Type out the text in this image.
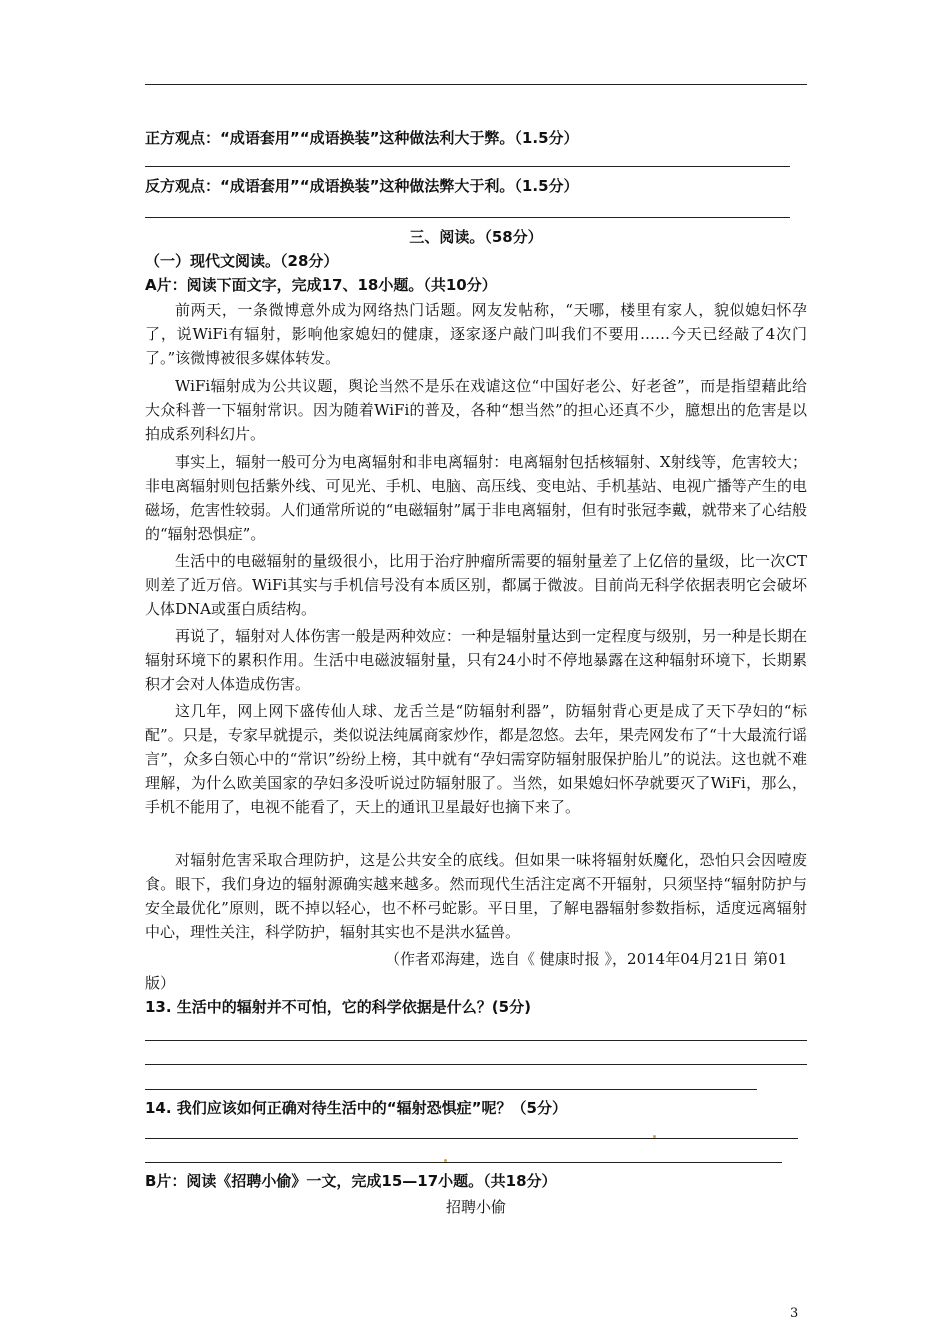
正方观点：“成语套用”“成语换装”这种做法利大于弊。（1.5分）
反方观点：“成语套用”“成语换装”这种做法弊大于利。（1.5分）
三、阅读。（58分）
（一）现代文阅读。（28分）
A片：阅读下面文字，完成17、18小题。（共10分）
前两天，一条微博意外成为网络热门话题。网友发帖称，“天哪，楼里有家人，貌似媳妇怀孕了，说WiFi有辐射，影响他家媳妇的健康，逐家逐户敲门叫我们不要用……今天已经敲了4次门了。”该微博被很多媒体转发。
WiFi辐射成为公共议题，舆论当然不是乐在戏谑这位“中国好老公、好老爸”，而是指望藉此给大众科普一下辐射常识。因为随着WiFi的普及，各种“想当然”的担心还真不少，臆想出的危害是以拍成系列科幻片。
事实上，辐射一般可分为电离辐射和非电离辐射：电离辐射包括核辐射、X射线等，危害较大；非电离辐射则包括紫外线、可见光、手机、电脑、高压线、变电站、手机基站、电视广播等产生的电磁场，危害性较弱。人们通常所说的“电磁辐射”属于非电离辐射，但有时张冠李戴，就带来了心结般的“辐射恐惧症”。
生活中的电磁辐射的量级很小，比用于治疗肿瘤所需要的辐射量差了上亿倍的量级，比一次CT则差了近万倍。WiFi其实与手机信号没有本质区别，都属于微波。目前尚无科学依据表明它会破坏人体DNA或蛋白质结构。
再说了，辐射对人体伤害一般是两种效应：一种是辐射量达到一定程度与级别，另一种是长期在辐射环境下的累积作用。生活中电磁波辐射量，只有24小时不停地暴露在这种辐射环境下，长期累积才会对人体造成伤害。
这几年，网上网下盛传仙人球、龙舌兰是“防辐射利器”，防辐射背心更是成了天下孕妇的“标配”。只是，专家早就提示，类似说法纯属商家炒作，都是忽悠。去年，果壳网发布了“十大最流行谣言”，众多白领心中的“常识”纷纷上榜，其中就有“孕妇需穿防辐射服保护胎儿”的说法。这也就不难理解，为什么欧美国家的孕妇多没听说过防辐射服了。当然，如果媳妇怀孕就要灭了WiFi，那么，手机不能用了，电视不能看了，天上的通讯卫星最好也摘下来了。
对辐射危害采取合理防护，这是公共安全的底线。但如果一味将辐射妖魔化，恐怕只会因噎废食。眼下，我们身边的辐射源确实越来越多。然而现代生活注定离不开辐射，只须坚持“辐射防护与安全最优化”原则，既不掉以轻心，也不杯弓蛇影。平日里，了解电器辐射参数指标，适度远离辐射中心，理性关注，科学防护，辐射其实也不是洪水猛兽。
（作者邓海建，选自《 健康时报 》，2014年04月21日 第01 版）
13. 生活中的辐射并不可怕，它的科学依据是什么？(5分)
14. 我们应该如何正确对待生活中的“辐射恐惧症”呢？（5分）
B片：阅读《招聘小偷》一文，完成15—17小题。（共18分）
招聘小偷
3
